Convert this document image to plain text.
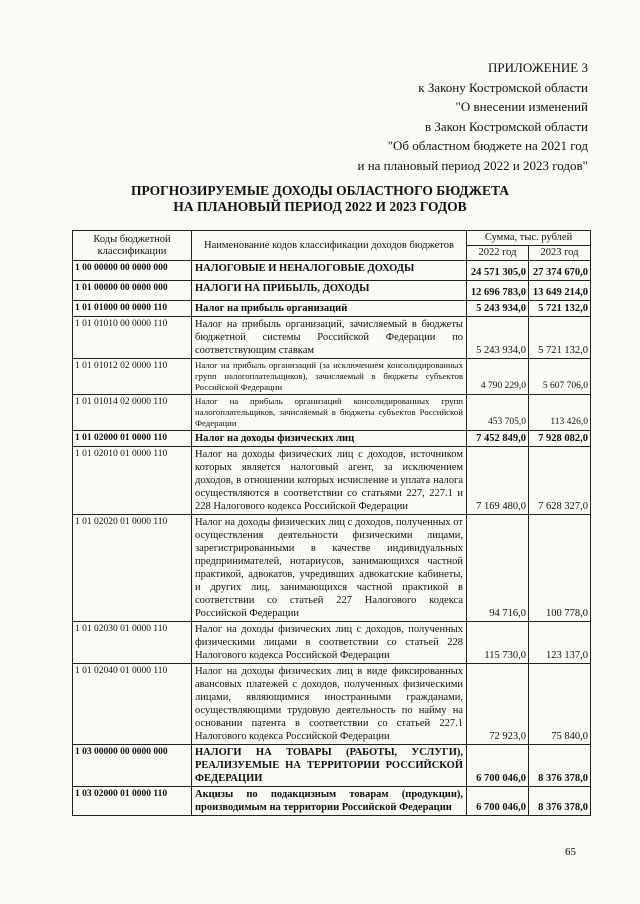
ПРИЛОЖЕНИЕ 3
к Закону Костромской области
"О внесении изменений
в Закон Костромской области
"Об областном бюджете на 2021 год
и на плановый период 2022 и 2023 годов"
ПРОГНОЗИРУЕМЫЕ ДОХОДЫ ОБЛАСТНОГО БЮДЖЕТА
НА ПЛАНОВЫЙ ПЕРИОД 2022 И 2023 ГОДОВ
Коды бюджетной классификации	Наименование кодов классификации доходов бюджетов	Сумма, тыс. рублей	
		2022 год	2023 год
1 00 00000 00 0000 000	НАЛОГОВЫЕ И НЕНАЛОГОВЫЕ ДОХОДЫ	24 571 305,0	27 374 670,0
1 01 00000 00 0000 000	НАЛОГИ НА ПРИБЫЛЬ, ДОХОДЫ	12 696 783,0	13 649 214,0
1 01 01000 00 0000 110	Налог на прибыль организаций	5 243 934,0	5 721 132,0
1 01 01010 00 0000 110	Налог на прибыль организаций, зачисляемый в бюджеты бюджетной системы Российской Федерации по соответствующим ставкам	5 243 934,0	5 721 132,0
1 01 01012 02 0000 110	Налог на прибыль организаций (за исключением консолидированных групп налогоплательщиков), зачисляемый в бюджеты субъектов Российской Федерации	4 790 229,0	5 607 706,0
1 01 01014 02 0000 110	Налог на прибыль организаций консолидированных групп налогоплательщиков, зачисляемый в бюджеты субъектов Российской Федерации	453 705,0	113 426,0
1 01 02000 01 0000 110	Налог на доходы физических лиц	7 452 849,0	7 928 082,0
1 01 02010 01 0000 110	Налог на доходы физических лиц с доходов, источником которых является налоговый агент, за исключением доходов, в отношении которых исчисление и уплата налога осуществляются в соответствии со статьями 227, 227.1 и 228 Налогового кодекса Российской Федерации	7 169 480,0	7 628 327,0
1 01 02020 01 0000 110	Налог на доходы физических лиц с доходов, полученных от осуществления деятельности физическими лицами, зарегистрированными в качестве индивидуальных предпринимателей, нотариусов, занимающихся частной практикой, адвокатов, учредивших адвокатские кабинеты, и других лиц, занимающихся частной практикой в соответствии со статьей 227 Налогового кодекса Российской Федерации	94 716,0	100 778,0
1 01 02030 01 0000 110	Налог на доходы физических лиц с доходов, полученных физическими лицами в соответствии со статьей 228 Налогового кодекса Российской Федерации	115 730,0	123 137,0
1 01 02040 01 0000 110	Налог на доходы физических лиц в виде фиксированных авансовых платежей с доходов, полученных физическими лицами, являющимися иностранными гражданами, осуществляющими трудовую деятельность по найму на основании патента в соответствии со статьей 227.1 Налогового кодекса Российской Федерации	72 923,0	75 840,0
1 03 00000 00 0000 000	НАЛОГИ НА ТОВАРЫ (РАБОТЫ, УСЛУГИ), РЕАЛИЗУЕМЫЕ НА ТЕРРИТОРИИ РОССИЙСКОЙ ФЕДЕРАЦИИ	6 700 046,0	8 376 378,0
1 03 02000 01 0000 110	Акцизы по подакцизным товарам (продукции), производимым на территории Российской Федерации	6 700 046,0	8 376 378,0
65
